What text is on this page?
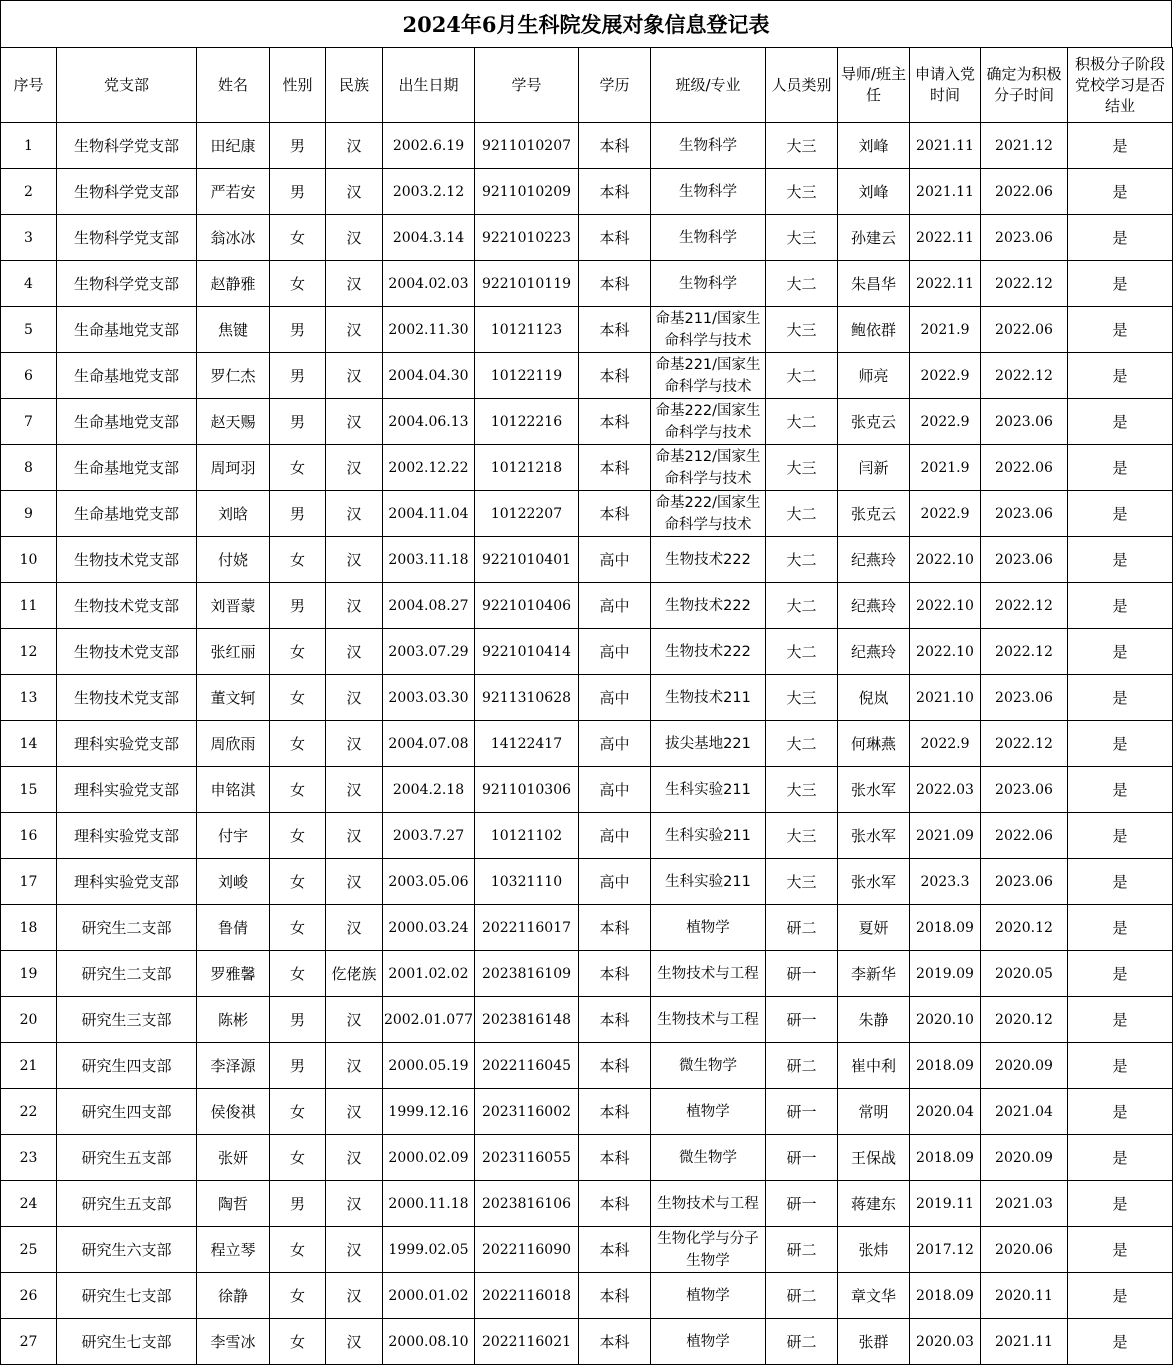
2024年6月生科院发展对象信息登记表
序号	党支部	姓名	性别	民族	出生日期	学号	学历	班级/专业	人员类别	导师/班主任	申请入党时间	确定为积极分子时间	积极分子阶段党校学习是否结业
1	生物科学党支部	田纪康	男	汉	2002.6.19	9211010207	本科	生物科学	大三	刘峰	2021.11	2021.12	是
2	生物科学党支部	严若安	男	汉	2003.2.12	9211010209	本科	生物科学	大三	刘峰	2021.11	2022.06	是
3	生物科学党支部	翁冰冰	女	汉	2004.3.14	9221010223	本科	生物科学	大三	孙建云	2022.11	2023.06	是
4	生物科学党支部	赵静雅	女	汉	2004.02.03	9221010119	本科	生物科学	大二	朱昌华	2022.11	2022.12	是
5	生命基地党支部	焦键	男	汉	2002.11.30	10121123	本科	命基211/国家生命科学与技术	大三	鲍依群	2021.9	2022.06	是
6	生命基地党支部	罗仁杰	男	汉	2004.04.30	10122119	本科	命基221/国家生命科学与技术	大二	师亮	2022.9	2022.12	是
7	生命基地党支部	赵天赐	男	汉	2004.06.13	10122216	本科	命基222/国家生命科学与技术	大二	张克云	2022.9	2023.06	是
8	生命基地党支部	周珂羽	女	汉	2002.12.22	10121218	本科	命基212/国家生命科学与技术	大三	闫新	2021.9	2022.06	是
9	生命基地党支部	刘晗	男	汉	2004.11.04	10122207	本科	命基222/国家生命科学与技术	大二	张克云	2022.9	2023.06	是
10	生物技术党支部	付娆	女	汉	2003.11.18	9221010401	高中	生物技术222	大二	纪燕玲	2022.10	2023.06	是
11	生物技术党支部	刘晋蒙	男	汉	2004.08.27	9221010406	高中	生物技术222	大二	纪燕玲	2022.10	2022.12	是
12	生物技术党支部	张红丽	女	汉	2003.07.29	9221010414	高中	生物技术222	大二	纪燕玲	2022.10	2022.12	是
13	生物技术党支部	董文轲	女	汉	2003.03.30	9211310628	高中	生物技术211	大三	倪岚	2021.10	2023.06	是
14	理科实验党支部	周欣雨	女	汉	2004.07.08	14122417	高中	拔尖基地221	大二	何琳燕	2022.9	2022.12	是
15	理科实验党支部	申铭淇	女	汉	2004.2.18	9211010306	高中	生科实验211	大三	张水军	2022.03	2023.06	是
16	理科实验党支部	付宇	女	汉	2003.7.27	10121102	高中	生科实验211	大三	张水军	2021.09	2022.06	是
17	理科实验党支部	刘峻	女	汉	2003.05.06	10321110	高中	生科实验211	大三	张水军	2023.3	2023.06	是
18	研究生二支部	鲁倩	女	汉	2000.03.24	2022116017	本科	植物学	研二	夏妍	2018.09	2020.12	是
19	研究生二支部	罗雅馨	女	仡佬族	2001.02.02	2023816109	本科	生物技术与工程	研一	李新华	2019.09	2020.05	是
20	研究生三支部	陈彬	男	汉	2002.01.077	2023816148	本科	生物技术与工程	研一	朱静	2020.10	2020.12	是
21	研究生四支部	李泽源	男	汉	2000.05.19	2022116045	本科	微生物学	研二	崔中利	2018.09	2020.09	是
22	研究生四支部	侯俊祺	女	汉	1999.12.16	2023116002	本科	植物学	研一	常明	2020.04	2021.04	是
23	研究生五支部	张妍	女	汉	2000.02.09	2023116055	本科	微生物学	研一	王保战	2018.09	2020.09	是
24	研究生五支部	陶哲	男	汉	2000.11.18	2023816106	本科	生物技术与工程	研一	蒋建东	2019.11	2021.03	是
25	研究生六支部	程立琴	女	汉	1999.02.05	2022116090	本科	生物化学与分子生物学	研二	张炜	2017.12	2020.06	是
26	研究生七支部	徐静	女	汉	2000.01.02	2022116018	本科	植物学	研二	章文华	2018.09	2020.11	是
27	研究生七支部	李雪冰	女	汉	2000.08.10	2022116021	本科	植物学	研二	张群	2020.03	2021.11	是
